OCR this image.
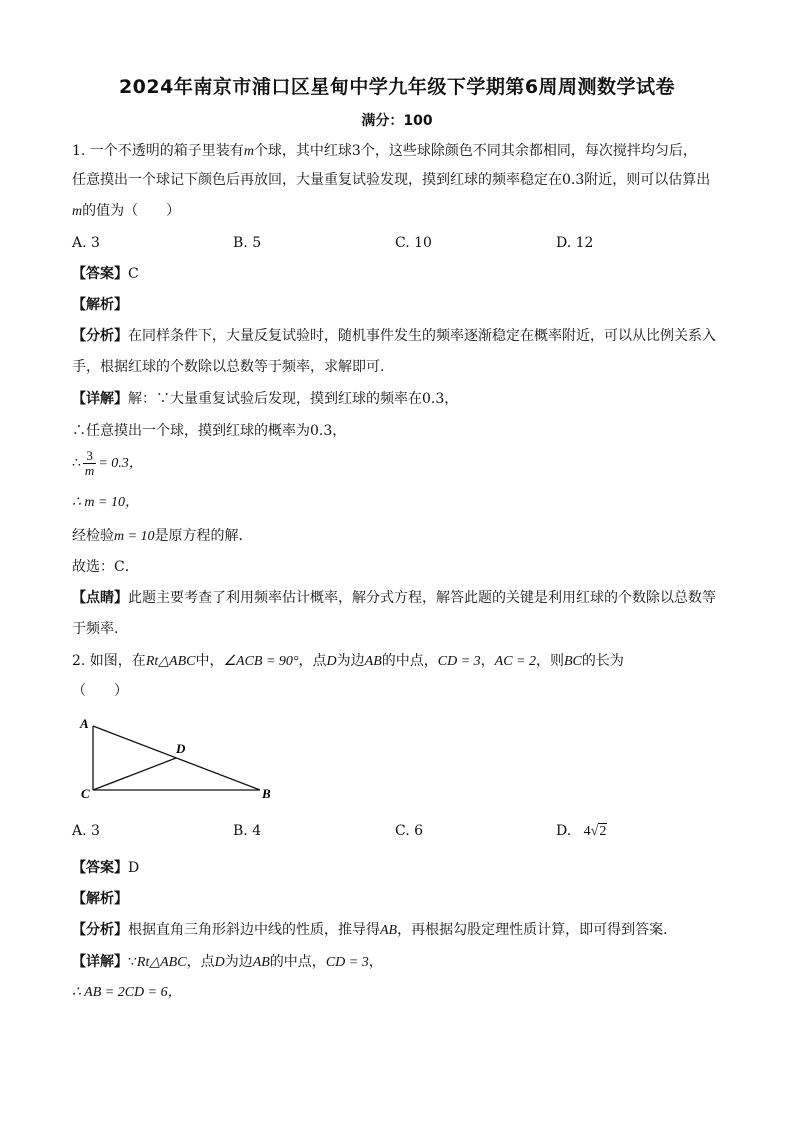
2024年南京市浦口区星甸中学九年级下学期第6周周测数学试卷
满分：100
1. 一个不透明的箱子里装有m个球，其中红球3个，这些球除颜色不同其余都相同，每次搅拌均匀后，
任意摸出一个球记下颜色后再放回，大量重复试验发现，摸到红球的频率稳定在0.3附近，则可以估算出
m的值为（　　）
A. 3	B. 5	C. 10	D. 12
【答案】C
【解析】
【分析】在同样条件下，大量反复试验时，随机事件发生的频率逐渐稳定在概率附近，可以从比例关系入
手，根据红球的个数除以总数等于频率，求解即可.
【详解】解：∵大量重复试验后发现，摸到红球的频率在0.3，
∴任意摸出一个球，摸到红球的概率为0.3，
∴ $\frac{3}{m} = 0.3$，
∴ m = 10，
经检验m = 10是原方程的解．
故选：C．
【点睛】此题主要考查了利用频率估计概率，解分式方程，解答此题的关键是利用红球的个数除以总数等
于频率.
2. 如图，在Rt△ABC中，∠ACB = 90°，点D为边AB的中点，CD = 3，AC = 2，则BC的长为
（　　）
A
D
C	B
A. 3	B. 4	C. 6	D. 4√2
【答案】D
【解析】
【分析】根据直角三角形斜边中线的性质，推导得AB，再根据勾股定理性质计算，即可得到答案．
【详解】∵Rt△ABC，点D为边AB的中点，CD = 3，
∴ AB = 2CD = 6，
